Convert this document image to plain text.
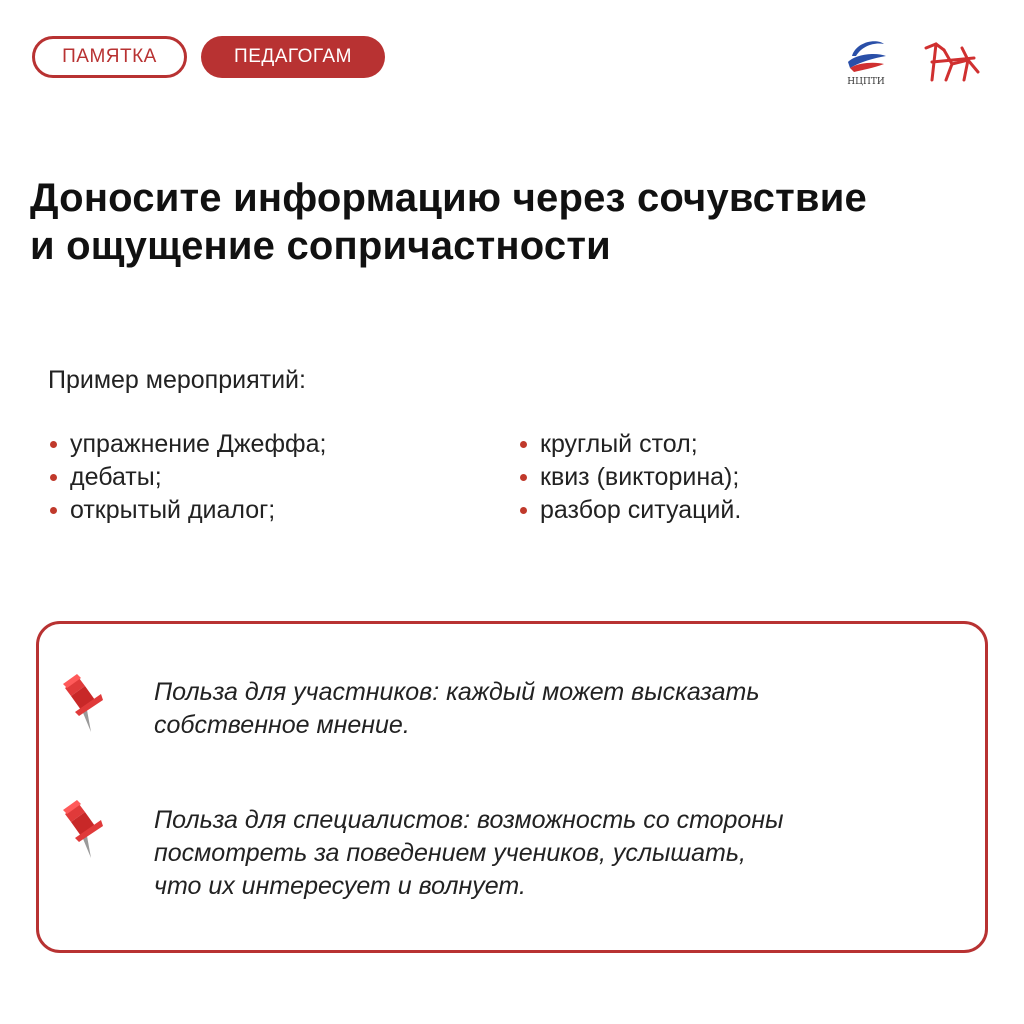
ПАМЯТКА	ПЕДАГОГАМ
НЦПТИ
Доносите информацию через сочувствие
и ощущение сопричастности
Пример мероприятий:
упражнение Джеффа;
дебаты;
открытый диалог;
круглый стол;
квиз (викторина);
разбор ситуаций.
Польза для участников: каждый может высказать
собственное мнение.
Польза для специалистов: возможность со стороны
посмотреть за поведением учеников, услышать,
что их интересует и волнует.
